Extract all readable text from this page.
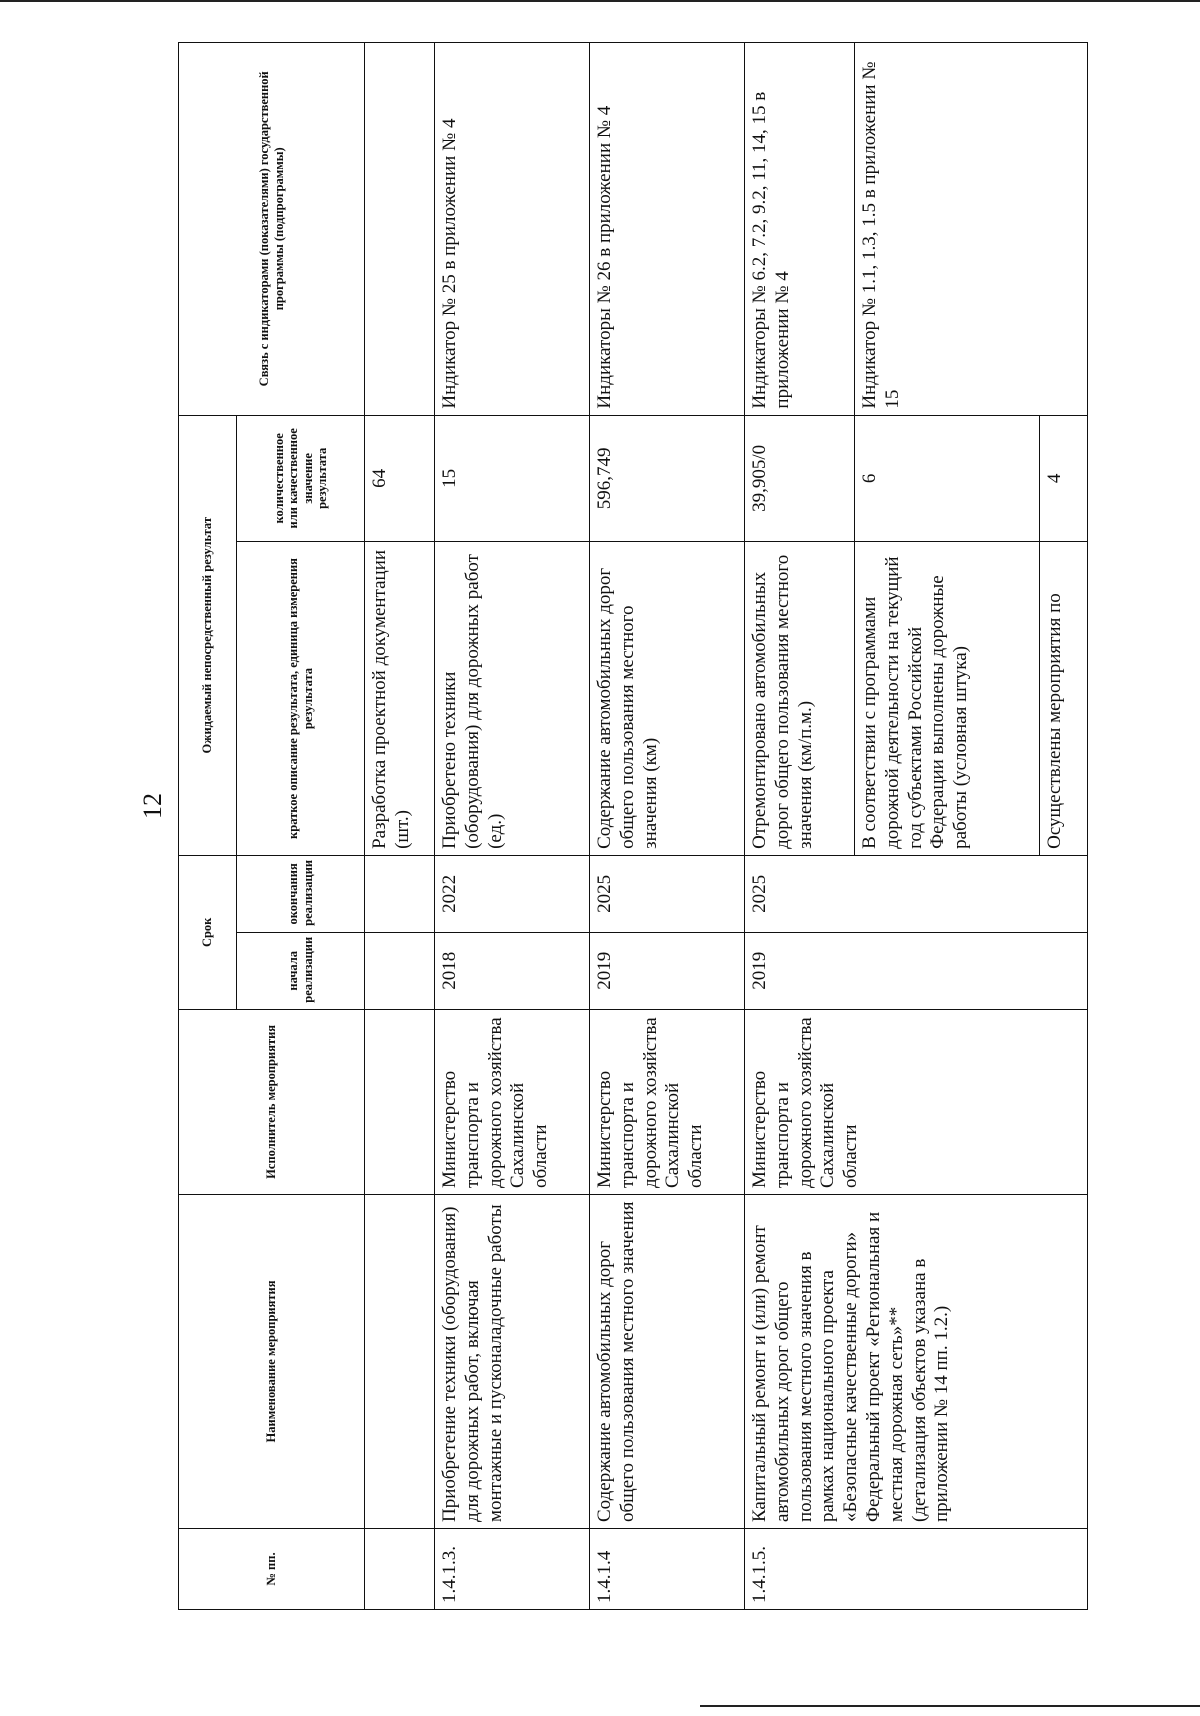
12
№ пп.	Наименование мероприятия	Исполнитель мероприятия	Срок		Ожидаемый непосредственный результат		Связь с индикаторами (показателями) государственной программы (подпрограммы)
			начала реализации	окончания реализации	краткое описание результата, единица измерения результата	количественное или качественное значение результата	
					Разработка проектной документации (шт.)	64	
1.4.1.3.	Приобретение техники (оборудования) для дорожных работ, включая монтажные и пусконаладочные работы	Министерство транспорта и дорожного хозяйства Сахалинской области	2018	2022	Приобретено техники (оборудования) для дорожных работ (ед.)	15	Индикатор № 25 в приложении № 4
1.4.1.4	Содержание автомобильных дорог общего пользования местного значения	Министерство транспорта и дорожного хозяйства Сахалинской области	2019	2025	Содержание автомобильных дорог общего пользования местного значения (км)	596,749	Индикаторы № 26 в приложении № 4
1.4.1.5.	Капитальный ремонт и (или) ремонт автомобильных дорог общего пользования местного значения в рамках национального проекта «Безопасные качественные дороги» Федеральный проект «Региональная и местная дорожная сеть»** (детализация объектов указана в приложении № 14 пп. 1.2.)	Министерство транспорта и дорожного хозяйства Сахалинской области	2019	2025	Отремонтировано автомобильных дорог общего пользования местного значения (км/п.м.)	39,905/0	Индикаторы № 6.2, 7.2, 9.2, 11, 14, 15 в приложении № 4
					В соответствии с программами дорожной деятельности на текущий год субъектами Российской Федерации выполнены дорожные работы (условная штука)	6	Индикатор № 1.1, 1.3, 1.5 в приложении № 15
					Осуществлены мероприятия по	4	
